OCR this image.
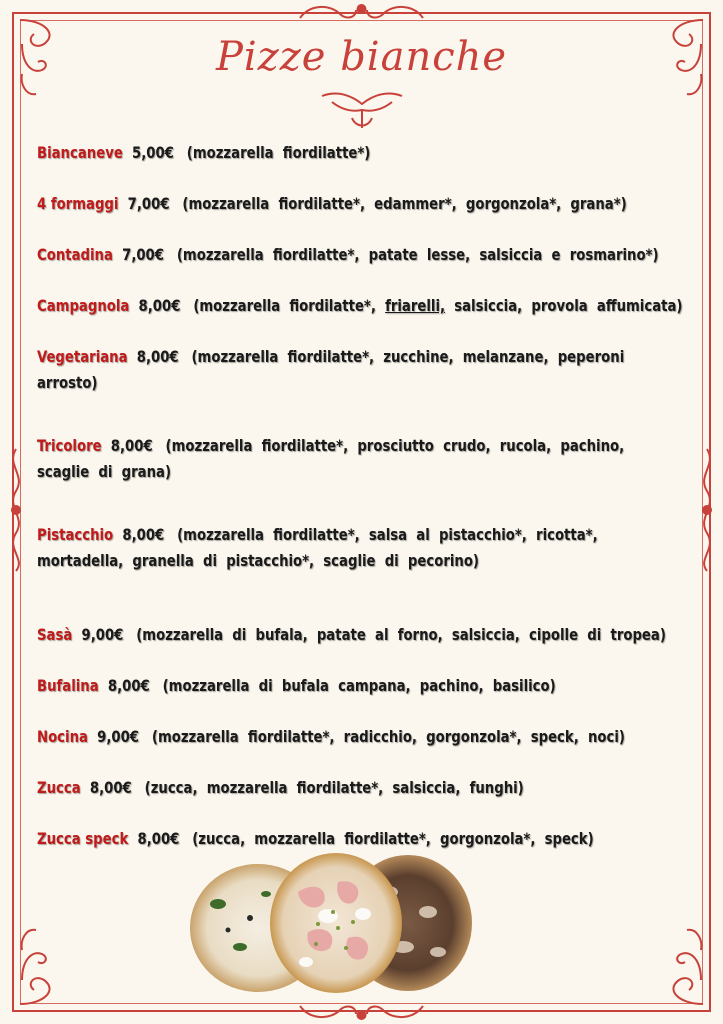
Pizze bianche
Biancaneve 5,00€ (mozzarella fiordilatte*)
4 formaggi 7,00€ (mozzarella fiordilatte*, edammer*, gorgonzola*, grana*)
Contadina 7,00€ (mozzarella fiordilatte*, patate lesse, salsiccia e rosmarino*)
Campagnola 8,00€ (mozzarella fiordilatte*, friarelli, salsiccia, provola affumicata)
Vegetariana 8,00€ (mozzarella fiordilatte*, zucchine, melanzane, peperoni arrosto)
Tricolore 8,00€ (mozzarella fiordilatte*, prosciutto crudo, rucola, pachino, scaglie di grana)
Pistacchio 8,00€ (mozzarella fiordilatte*, salsa al pistacchio*, ricotta*, mortadella, granella di pistacchio*, scaglie di pecorino)
Sasà 9,00€ (mozzarella di bufala, patate al forno, salsiccia, cipolle di tropea)
Bufalina 8,00€ (mozzarella di bufala campana, pachino, basilico)
Nocina 9,00€ (mozzarella fiordilatte*, radicchio, gorgonzola*, speck, noci)
Zucca 8,00€ (zucca, mozzarella fiordilatte*, salsiccia, funghi)
Zucca speck 8,00€ (zucca, mozzarella fiordilatte*, gorgonzola*, speck)
